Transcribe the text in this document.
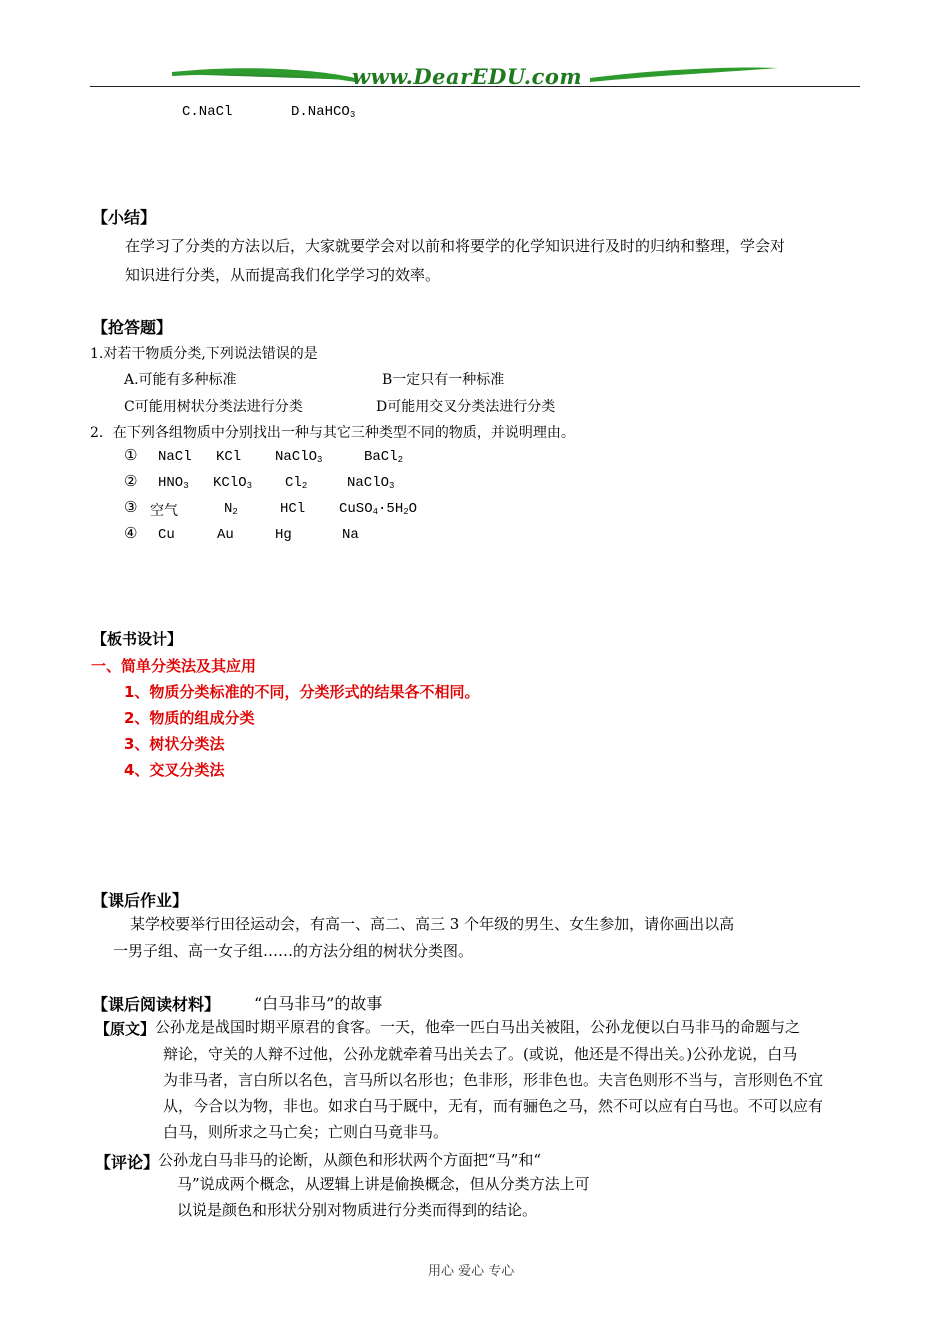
www.DearEDU.com
C.NaCl	D.NaHCO$_3$
【小结】
在学习了分类的方法以后，大家就要学会对以前和将要学的化学知识进行及时的归纳和整理，学会对
知识进行分类，从而提高我们化学学习的效率。
【抢答题】
1.对若干物质分类,下列说法错误的是
A.可能有多种标准	B一定只有一种标准
C可能用树状分类法进行分类	D可能用交叉分类法进行分类
2．在下列各组物质中分别找出一种与其它三种类型不同的物质，并说明理由。
① NaCl KCl NaClO$_3$	BaCl$_2$
② $HNO_3$ KClO$_3$ $Cl_2$	NaClO$_3$
③ 空气	$N_2$	HCl $CuSO_4\cdot 5H_2O$
④ Cu	Au	Hg	Na
【板书设计】
一、简单分类法及其应用
1、物质分类标准的不同，分类形式的结果各不相同。
2、物质的组成分类
3、树状分类法
4、交叉分类法
【课后作业】
某学校要举行田径运动会，有高一、高二、高三 3 个年级的男生、女生参加，请你画出以高
一男子组、高一女子组……的方法分组的树状分类图。
【课后阅读材料】 “白马非马”的故事
【原文】 公孙龙是战国时期平原君的食客。一天，他牵一匹白马出关被阻，公孙龙便以白马非马的命题与之
辩论，守关的人辩不过他，公孙龙就牵着马出关去了。(或说，他还是不得出关。)公孙龙说，白马
为非马者，言白所以名色，言马所以名形也；色非形，形非色也。夫言色则形不当与，言形则色不宜
从，今合以为物，非也。如求白马于厩中，无有，而有骊色之马，然不可以应有白马也。不可以应有
白马，则所求之马亡矣；亡则白马竟非马。
【评论】
公孙龙白马非马的论断，从颜色和形状两个方面把“马”和“
马”说成两个概念，从逻辑上讲是偷换概念，但从分类方法上可
以说是颜色和形状分别对物质进行分类而得到的结论。
用心 爱心 专心
